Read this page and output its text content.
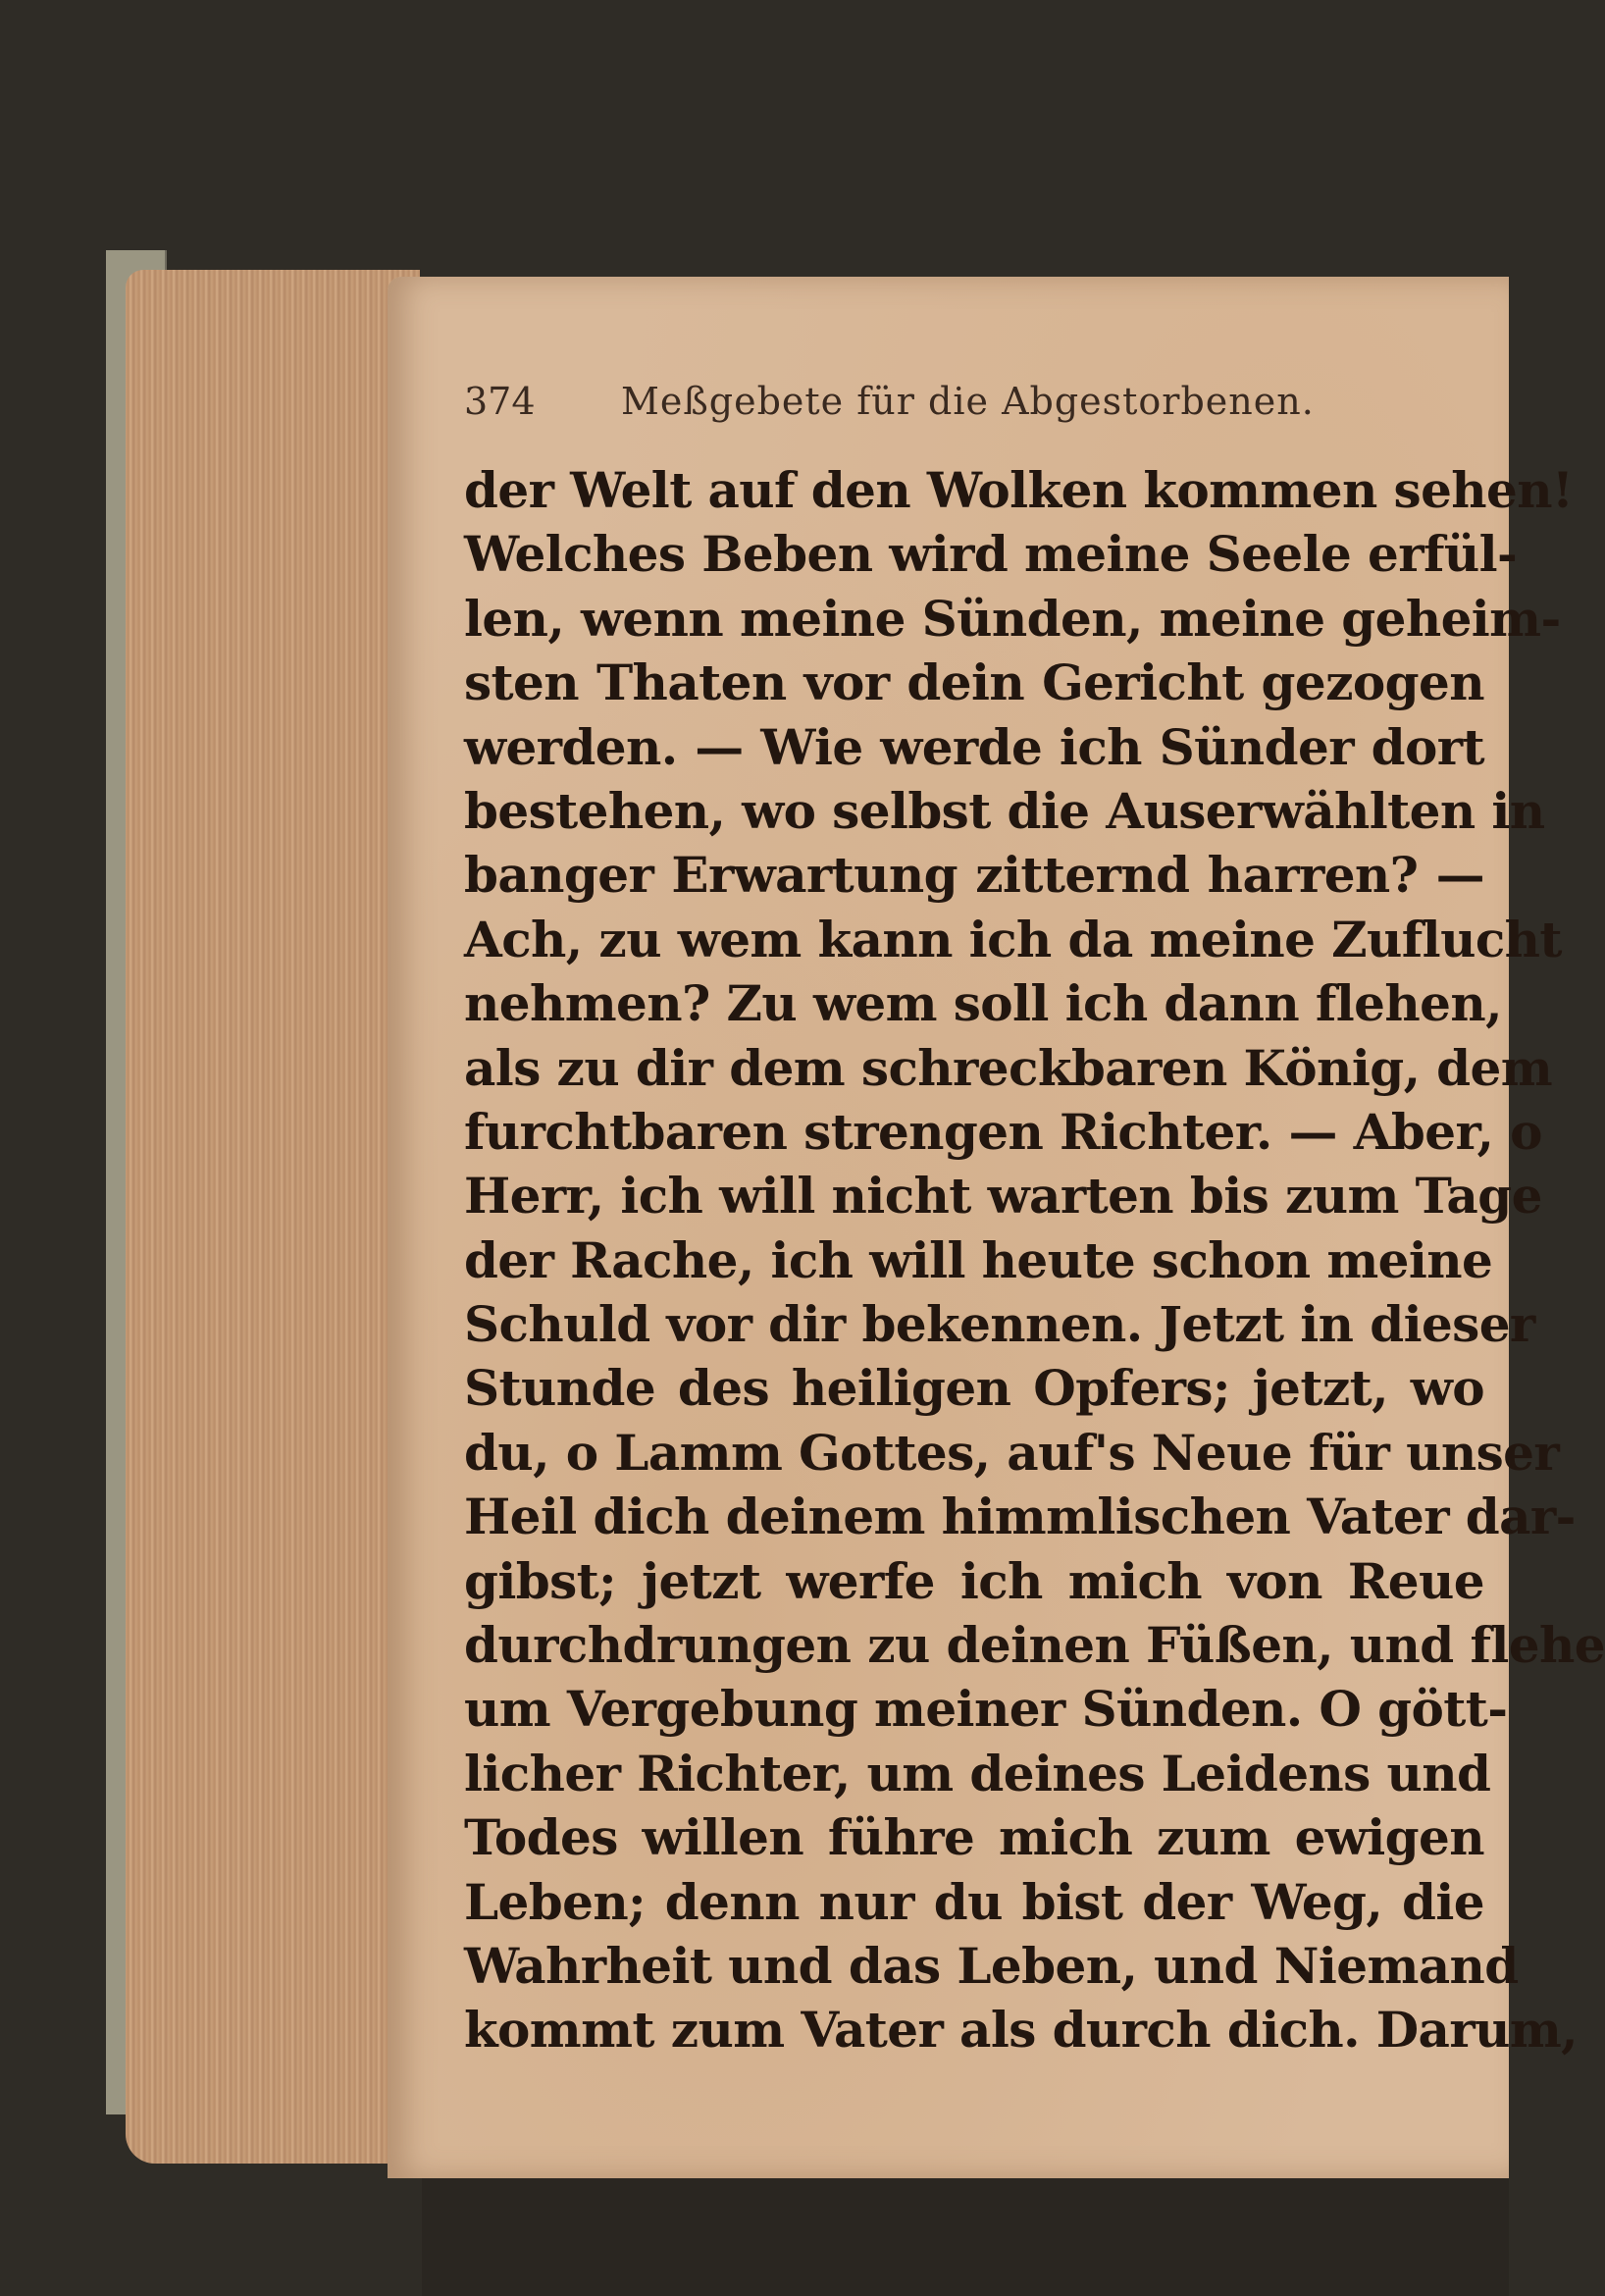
374	Meßgebete für die Abgestorbenen.
der Welt auf den Wolken kommen sehen!
Welches Beben wird meine Seele erfül-
len, wenn meine Sünden, meine geheim-
sten Thaten vor dein Gericht gezogen
werden. — Wie werde ich Sünder dort
bestehen, wo selbst die Auserwählten in
banger Erwartung zitternd harren? —
Ach, zu wem kann ich da meine Zuflucht
nehmen? Zu wem soll ich dann flehen,
als zu dir dem schreckbaren König, dem
furchtbaren strengen Richter. — Aber, o
Herr, ich will nicht warten bis zum Tage
der Rache, ich will heute schon meine
Schuld vor dir bekennen. Jetzt in dieser
Stunde des heiligen Opfers; jetzt, wo
du, o Lamm Gottes, auf's Neue für unser
Heil dich deinem himmlischen Vater dar-
gibst; jetzt werfe ich mich von Reue
durchdrungen zu deinen Füßen, und flehe
um Vergebung meiner Sünden. O gött-
licher Richter, um deines Leidens und
Todes willen führe mich zum ewigen
Leben; denn nur du bist der Weg, die
Wahrheit und das Leben, und Niemand
kommt zum Vater als durch dich. Darum,
